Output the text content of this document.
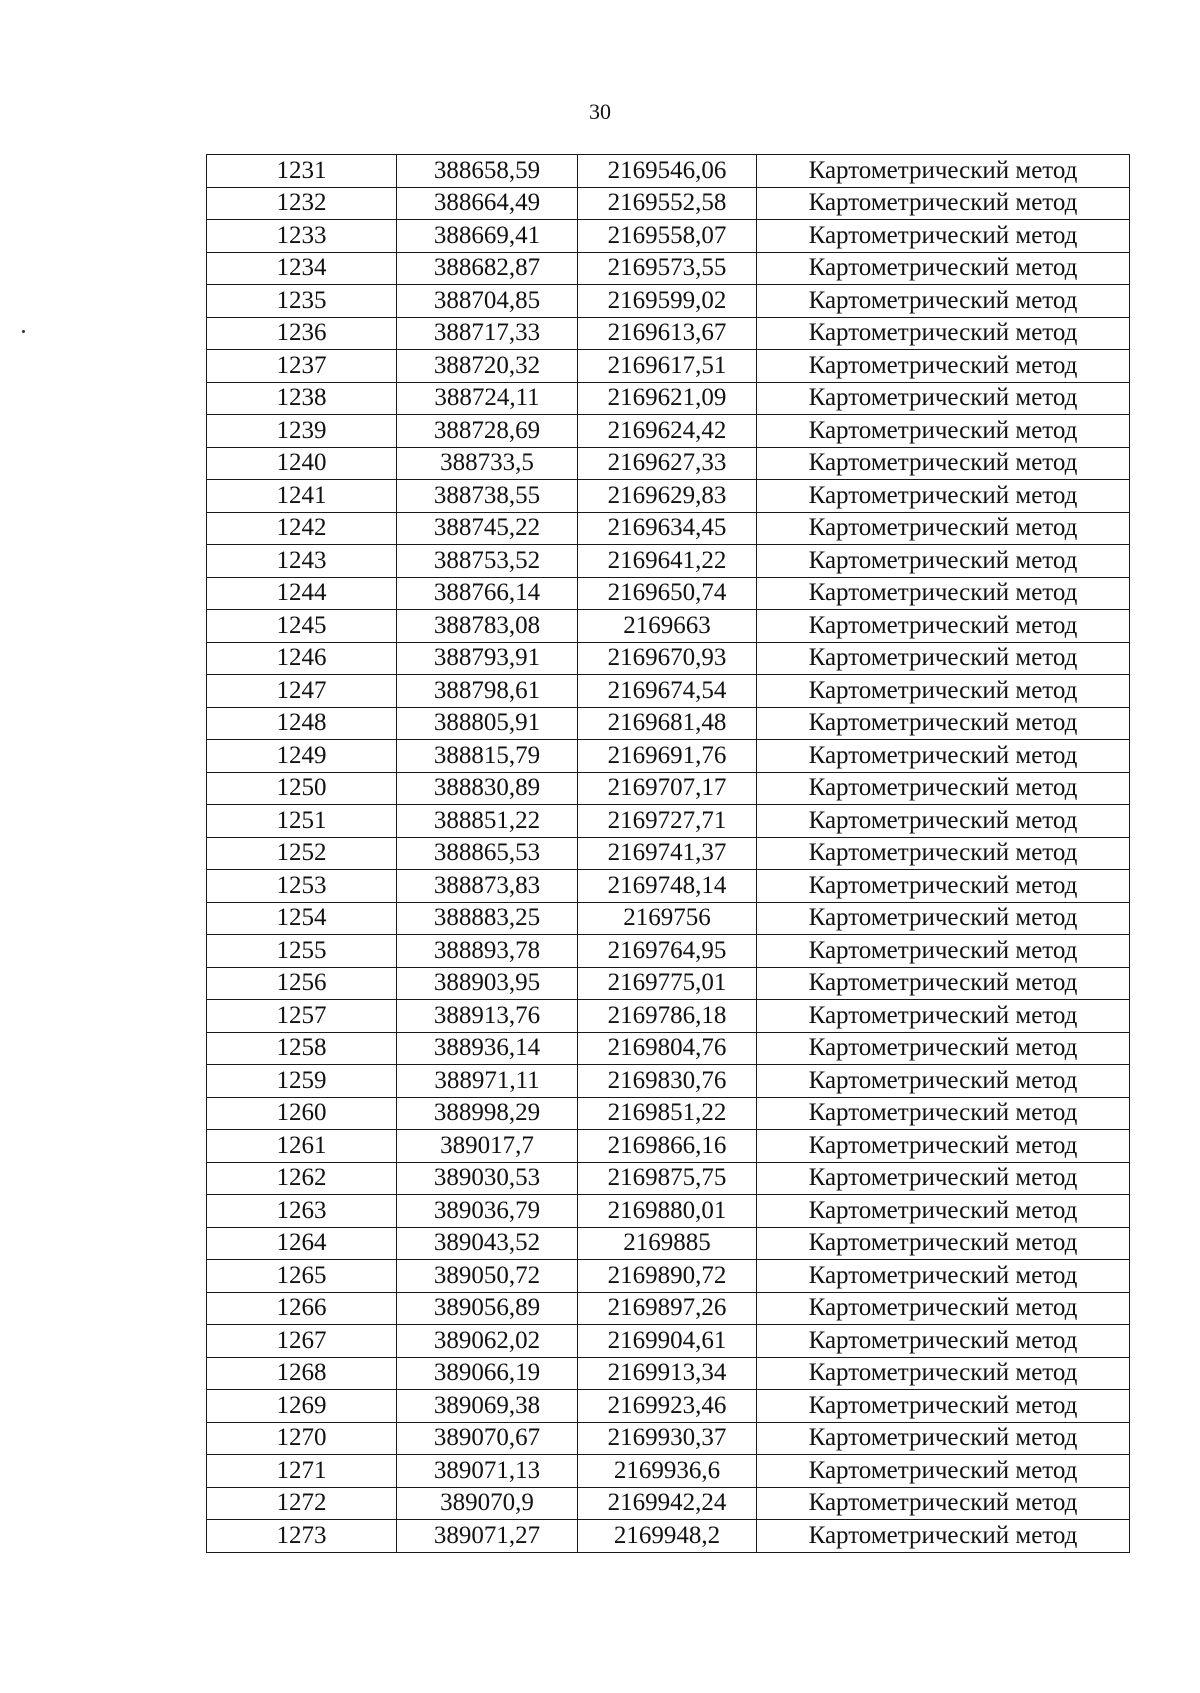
30
1231	388658,59	2169546,06	Картометрический метод
1232	388664,49	2169552,58	Картометрический метод
1233	388669,41	2169558,07	Картометрический метод
1234	388682,87	2169573,55	Картометрический метод
1235	388704,85	2169599,02	Картометрический метод
1236	388717,33	2169613,67	Картометрический метод
1237	388720,32	2169617,51	Картометрический метод
1238	388724,11	2169621,09	Картометрический метод
1239	388728,69	2169624,42	Картометрический метод
1240	388733,5	2169627,33	Картометрический метод
1241	388738,55	2169629,83	Картометрический метод
1242	388745,22	2169634,45	Картометрический метод
1243	388753,52	2169641,22	Картометрический метод
1244	388766,14	2169650,74	Картометрический метод
1245	388783,08	2169663	Картометрический метод
1246	388793,91	2169670,93	Картометрический метод
1247	388798,61	2169674,54	Картометрический метод
1248	388805,91	2169681,48	Картометрический метод
1249	388815,79	2169691,76	Картометрический метод
1250	388830,89	2169707,17	Картометрический метод
1251	388851,22	2169727,71	Картометрический метод
1252	388865,53	2169741,37	Картометрический метод
1253	388873,83	2169748,14	Картометрический метод
1254	388883,25	2169756	Картометрический метод
1255	388893,78	2169764,95	Картометрический метод
1256	388903,95	2169775,01	Картометрический метод
1257	388913,76	2169786,18	Картометрический метод
1258	388936,14	2169804,76	Картометрический метод
1259	388971,11	2169830,76	Картометрический метод
1260	388998,29	2169851,22	Картометрический метод
1261	389017,7	2169866,16	Картометрический метод
1262	389030,53	2169875,75	Картометрический метод
1263	389036,79	2169880,01	Картометрический метод
1264	389043,52	2169885	Картометрический метод
1265	389050,72	2169890,72	Картометрический метод
1266	389056,89	2169897,26	Картометрический метод
1267	389062,02	2169904,61	Картометрический метод
1268	389066,19	2169913,34	Картометрический метод
1269	389069,38	2169923,46	Картометрический метод
1270	389070,67	2169930,37	Картометрический метод
1271	389071,13	2169936,6	Картометрический метод
1272	389070,9	2169942,24	Картометрический метод
1273	389071,27	2169948,2	Картометрический метод
